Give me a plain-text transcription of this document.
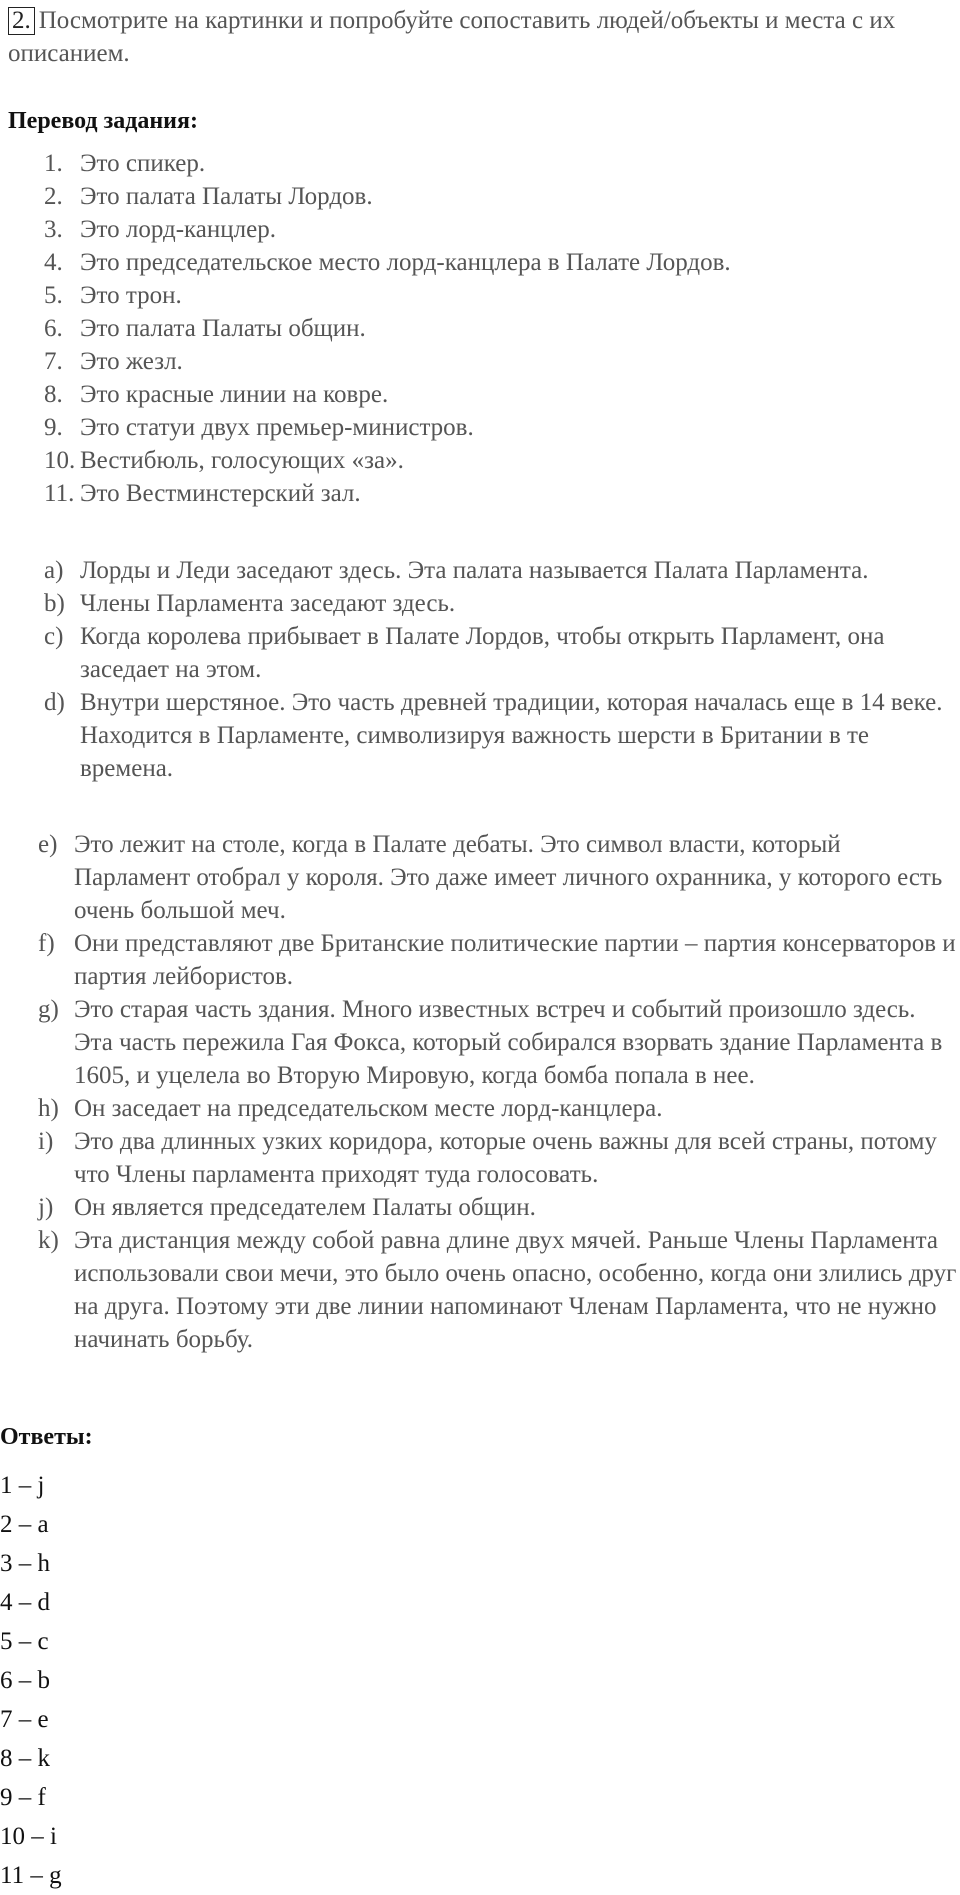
2. Посмотрите на картинки и попробуйте сопоставить людей/объекты и места с их описанием.
Перевод задания:
1. Это спикер.
2. Это палата Палаты Лордов.
3. Это лорд-канцлер.
4. Это председательское место лорд-канцлера в Палате Лордов.
5. Это трон.
6. Это палата Палаты общин.
7. Это жезл.
8. Это красные линии на ковре.
9. Это статуи двух премьер-министров.
10. Вестибюль, голосующих «за».
11. Это Вестминстерский зал.
a) Лорды и Леди заседают здесь. Эта палата называется Палата Парламента.
b) Члены Парламента заседают здесь.
c) Когда королева прибывает в Палате Лордов, чтобы открыть Парламент, она заседает на этом.
d) Внутри шерстяное. Это часть древней традиции, которая началась еще в 14 веке. Находится в Парламенте, символизируя важность шерсти в Британии в те времена.
e) Это лежит на столе, когда в Палате дебаты. Это символ власти, который Парламент отобрал у короля. Это даже имеет личного охранника, у которого есть очень большой меч.
f) Они представляют две Британские политические партии – партия консерваторов и партия лейбористов.
g) Это старая часть здания. Много известных встреч и событий произошло здесь. Эта часть пережила Гая Фокса, который собирался взорвать здание Парламента в 1605, и уцелела во Вторую Мировую, когда бомба попала в нее.
h) Он заседает на председательском месте лорд-канцлера.
i) Это два длинных узких коридора, которые очень важны для всей страны, потому что Члены парламента приходят туда голосовать.
j) Он является председателем Палаты общин.
k) Эта дистанция между собой равна длине двух мячей. Раньше Члены Парламента использовали свои мечи, это было очень опасно, особенно, когда они злились друг на друга. Поэтому эти две линии напоминают Членам Парламента, что не нужно начинать борьбу.
Ответы:
1 – j
2 – a
3 – h
4 – d
5 – c
6 – b
7 – e
8 – k
9 – f
10 – i
11 – g
